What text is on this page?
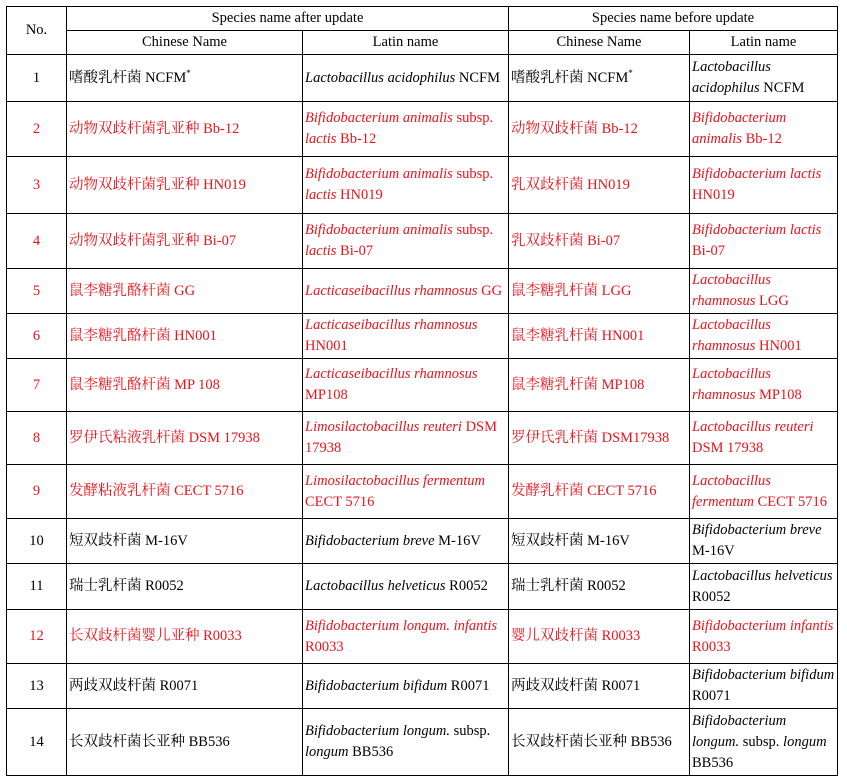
No.	Species name after update		Species name before update	
	Chinese Name	Latin name	Chinese Name	Latin name
1	嗜酸乳杆菌 NCFM*	Lactobacillus acidophilus NCFM	嗜酸乳杆菌 NCFM*	Lactobacillus acidophilus NCFM
2	动物双歧杆菌乳亚种 Bb-12	Bifidobacterium animalis subsp. lactis Bb-12	动物双歧杆菌 Bb-12	Bifidobacterium animalis Bb-12
3	动物双歧杆菌乳亚种 HN019	Bifidobacterium animalis subsp. lactis HN019	乳双歧杆菌 HN019	Bifidobacterium lactis HN019
4	动物双歧杆菌乳亚种 Bi-07	Bifidobacterium animalis subsp. lactis Bi-07	乳双歧杆菌 Bi-07	Bifidobacterium lactis Bi-07
5	鼠李糖乳酪杆菌 GG	Lacticaseibacillus rhamnosus GG	鼠李糖乳杆菌 LGG	Lactobacillus rhamnosus LGG
6	鼠李糖乳酪杆菌 HN001	Lacticaseibacillus rhamnosus HN001	鼠李糖乳杆菌 HN001	Lactobacillus rhamnosus HN001
7	鼠李糖乳酪杆菌 MP 108	Lacticaseibacillus rhamnosus MP108	鼠李糖乳杆菌 MP108	Lactobacillus rhamnosus MP108
8	罗伊氏粘液乳杆菌 DSM 17938	Limosilactobacillus reuteri DSM 17938	罗伊氏乳杆菌 DSM17938	Lactobacillus reuteri DSM 17938
9	发酵粘液乳杆菌 CECT 5716	Limosilactobacillus fermentum CECT 5716	发酵乳杆菌 CECT 5716	Lactobacillus fermentum CECT 5716
10	短双歧杆菌 M-16V	Bifidobacterium breve M-16V	短双歧杆菌 M-16V	Bifidobacterium breve M-16V
11	瑞士乳杆菌 R0052	Lactobacillus helveticus R0052	瑞士乳杆菌 R0052	Lactobacillus helveticus R0052
12	长双歧杆菌婴儿亚种 R0033	Bifidobacterium longum. infantis R0033	婴儿双歧杆菌 R0033	Bifidobacterium infantis R0033
13	两歧双歧杆菌 R0071	Bifidobacterium bifidum R0071	两歧双歧杆菌 R0071	Bifidobacterium bifidum R0071
14	长双歧杆菌长亚种 BB536	Bifidobacterium longum. subsp. longum BB536	长双歧杆菌长亚种 BB536	Bifidobacterium longum. subsp. longum BB536
